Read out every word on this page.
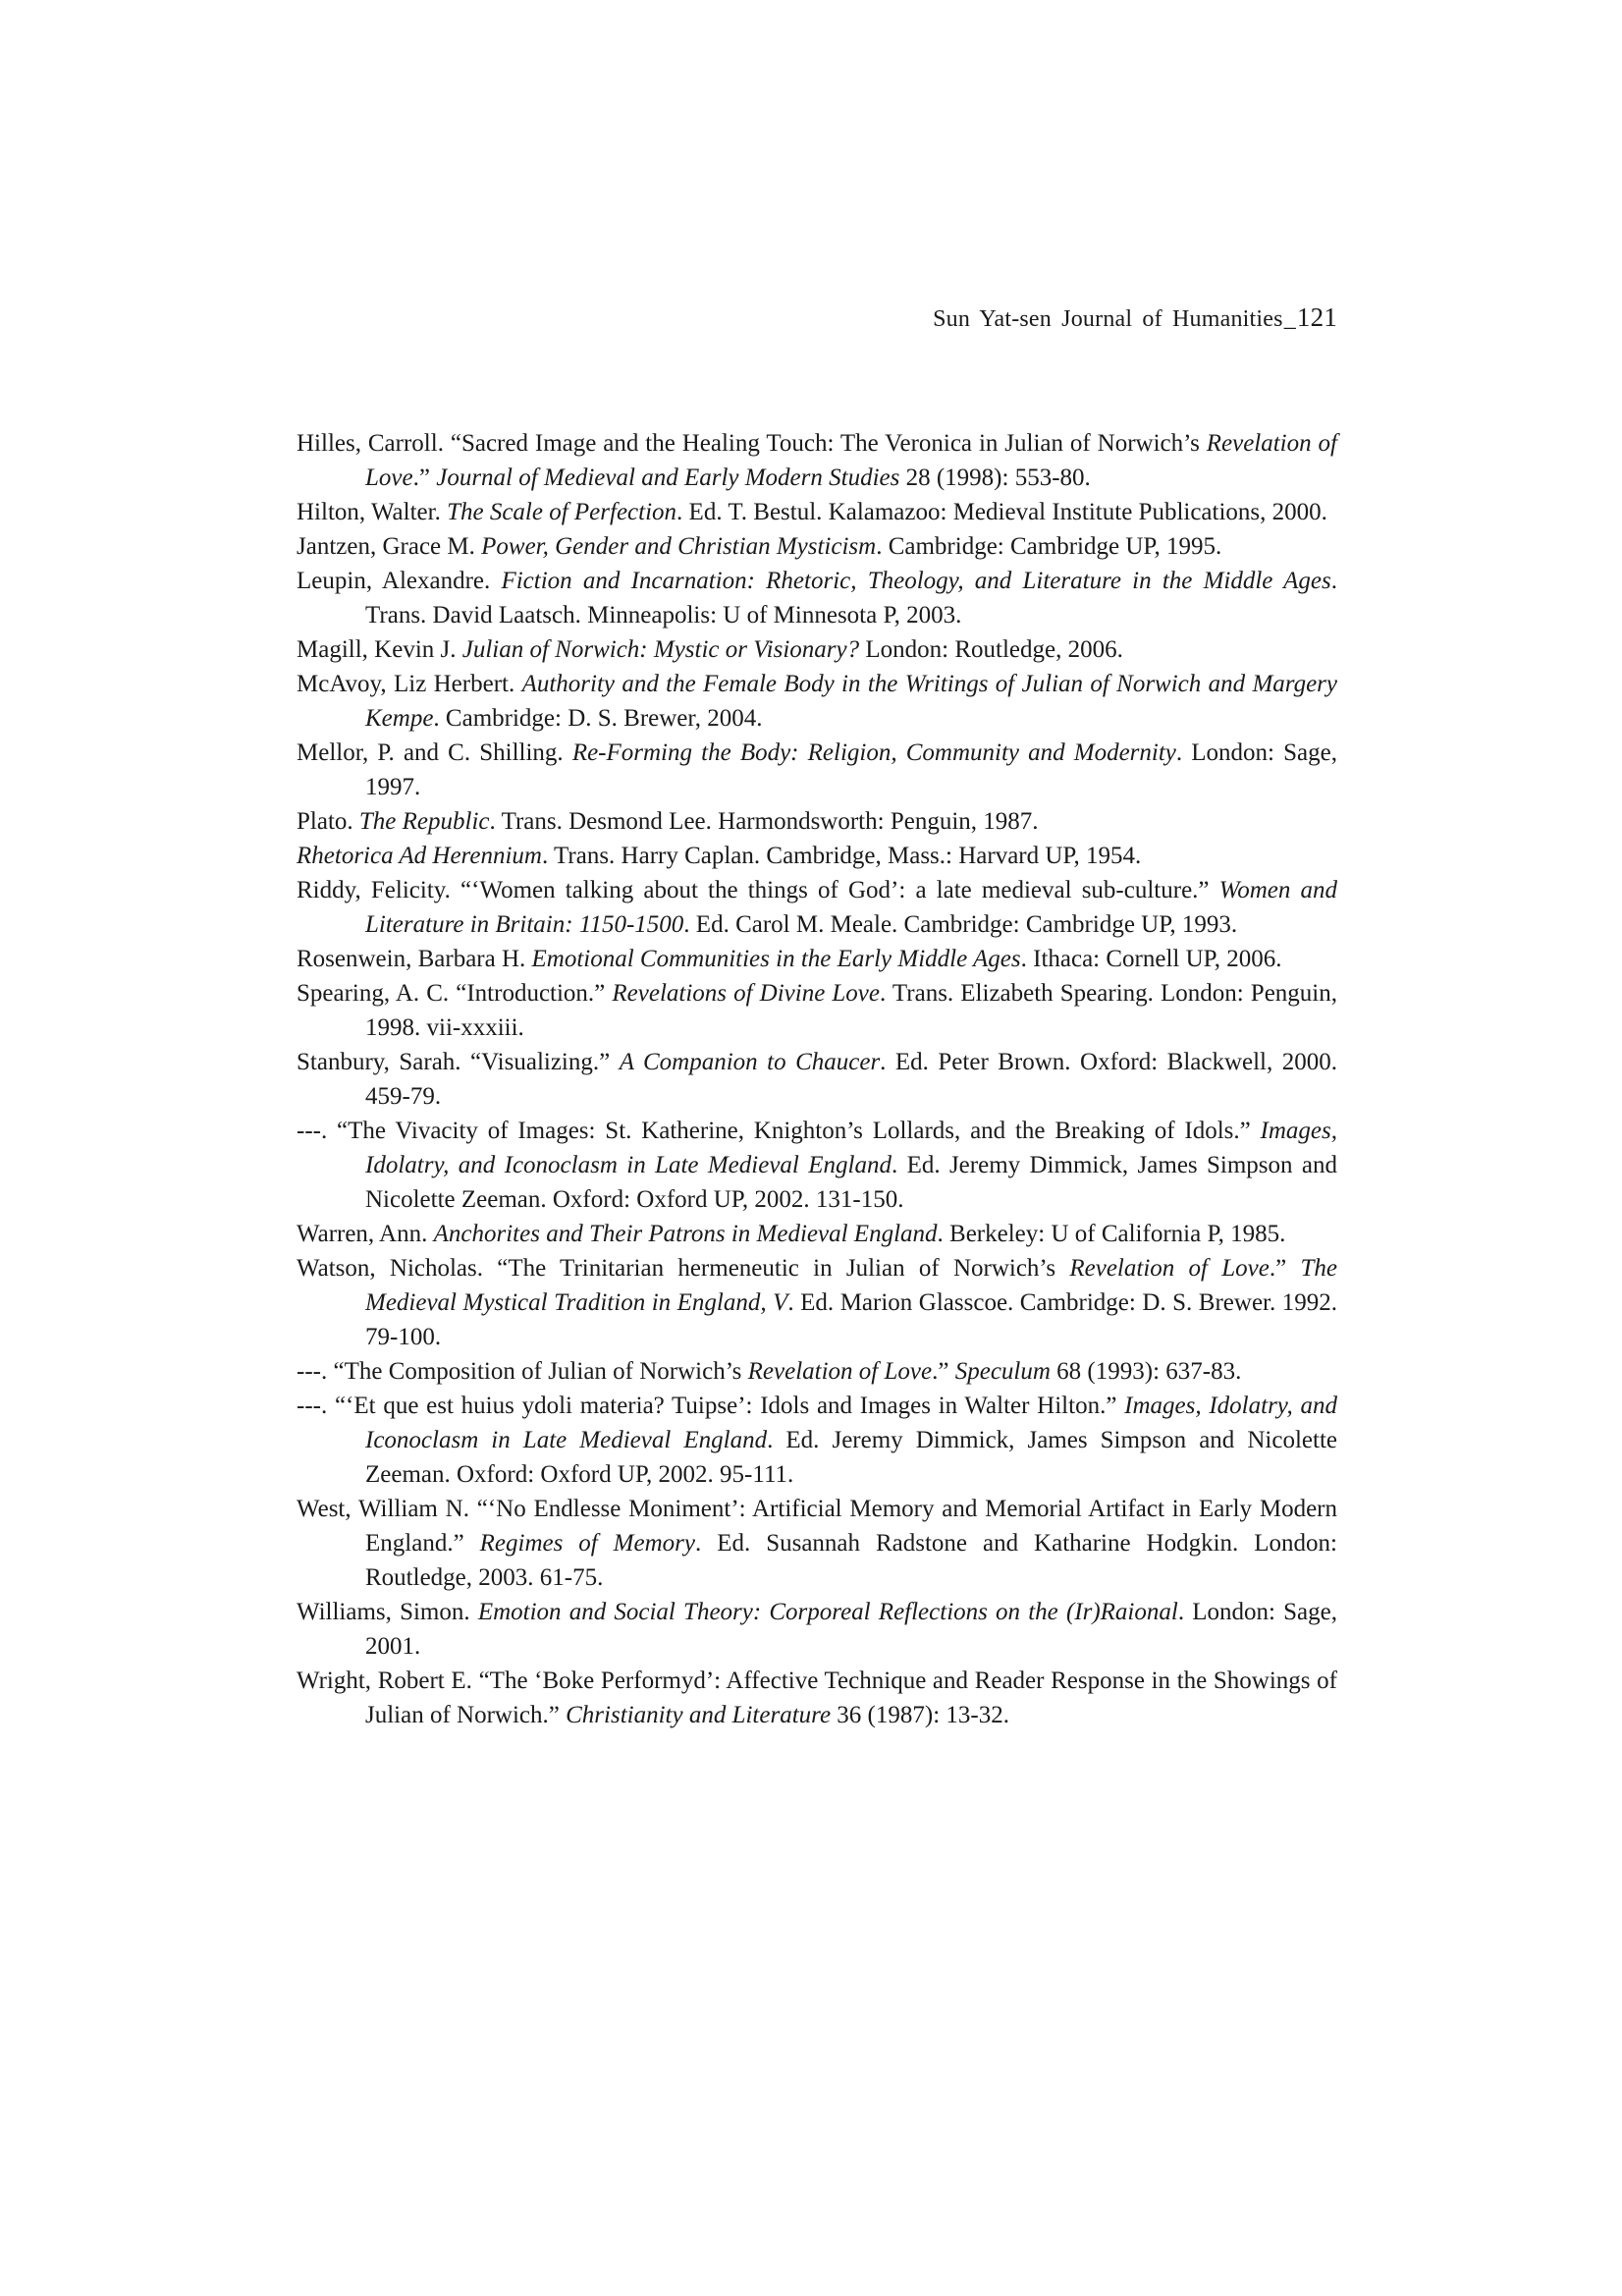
Sun Yat-sen Journal of Humanities_121

Hilles, Carroll. “Sacred Image and the Healing Touch: The Veronica in Julian of Norwich’s Revelation of Love.” Journal of Medieval and Early Modern Studies 28 (1998): 553-80.

Hilton, Walter. The Scale of Perfection. Ed. T. Bestul. Kalamazoo: Medieval Institute Publications, 2000.

Jantzen, Grace M. Power, Gender and Christian Mysticism. Cambridge: Cambridge UP, 1995.

Leupin, Alexandre. Fiction and Incarnation: Rhetoric, Theology, and Literature in the Middle Ages. Trans. David Laatsch. Minneapolis: U of Minnesota P, 2003.

Magill, Kevin J. Julian of Norwich: Mystic or Visionary? London: Routledge, 2006.

McAvoy, Liz Herbert. Authority and the Female Body in the Writings of Julian of Norwich and Margery Kempe. Cambridge: D. S. Brewer, 2004.

Mellor, P. and C. Shilling. Re-Forming the Body: Religion, Community and Modernity. London: Sage, 1997.

Plato. The Republic. Trans. Desmond Lee. Harmondsworth: Penguin, 1987.

Rhetorica Ad Herennium. Trans. Harry Caplan. Cambridge, Mass.: Harvard UP, 1954.

Riddy, Felicity. “‘Women talking about the things of God’: a late medieval sub-culture.” Women and Literature in Britain: 1150-1500. Ed. Carol M. Meale. Cambridge: Cambridge UP, 1993.

Rosenwein, Barbara H. Emotional Communities in the Early Middle Ages. Ithaca: Cornell UP, 2006.

Spearing, A. C. “Introduction.” Revelations of Divine Love. Trans. Elizabeth Spearing. London: Penguin, 1998. vii-xxxiii.

Stanbury, Sarah. “Visualizing.” A Companion to Chaucer. Ed. Peter Brown. Oxford: Blackwell, 2000. 459-79.

---. “The Vivacity of Images: St. Katherine, Knighton’s Lollards, and the Breaking of Idols.” Images, Idolatry, and Iconoclasm in Late Medieval England. Ed. Jeremy Dimmick, James Simpson and Nicolette Zeeman. Oxford: Oxford UP, 2002. 131-150.

Warren, Ann. Anchorites and Their Patrons in Medieval England. Berkeley: U of California P, 1985.

Watson, Nicholas. “The Trinitarian hermeneutic in Julian of Norwich’s Revelation of Love.” The Medieval Mystical Tradition in England, V. Ed. Marion Glasscoe. Cambridge: D. S. Brewer. 1992. 79-100.

---. “The Composition of Julian of Norwich’s Revelation of Love.” Speculum 68 (1993): 637-83.

---. “‘Et que est huius ydoli materia? Tuipse’: Idols and Images in Walter Hilton.” Images, Idolatry, and Iconoclasm in Late Medieval England. Ed. Jeremy Dimmick, James Simpson and Nicolette Zeeman. Oxford: Oxford UP, 2002. 95-111.

West, William N. “‘No Endlesse Moniment’: Artificial Memory and Memorial Artifact in Early Modern England.” Regimes of Memory. Ed. Susannah Radstone and Katharine Hodgkin. London: Routledge, 2003. 61-75.

Williams, Simon. Emotion and Social Theory: Corporeal Reflections on the (Ir)Raional. London: Sage, 2001.

Wright, Robert E. “The ‘Boke Performyd’: Affective Technique and Reader Response in the Showings of Julian of Norwich.” Christianity and Literature 36 (1987): 13-32.
